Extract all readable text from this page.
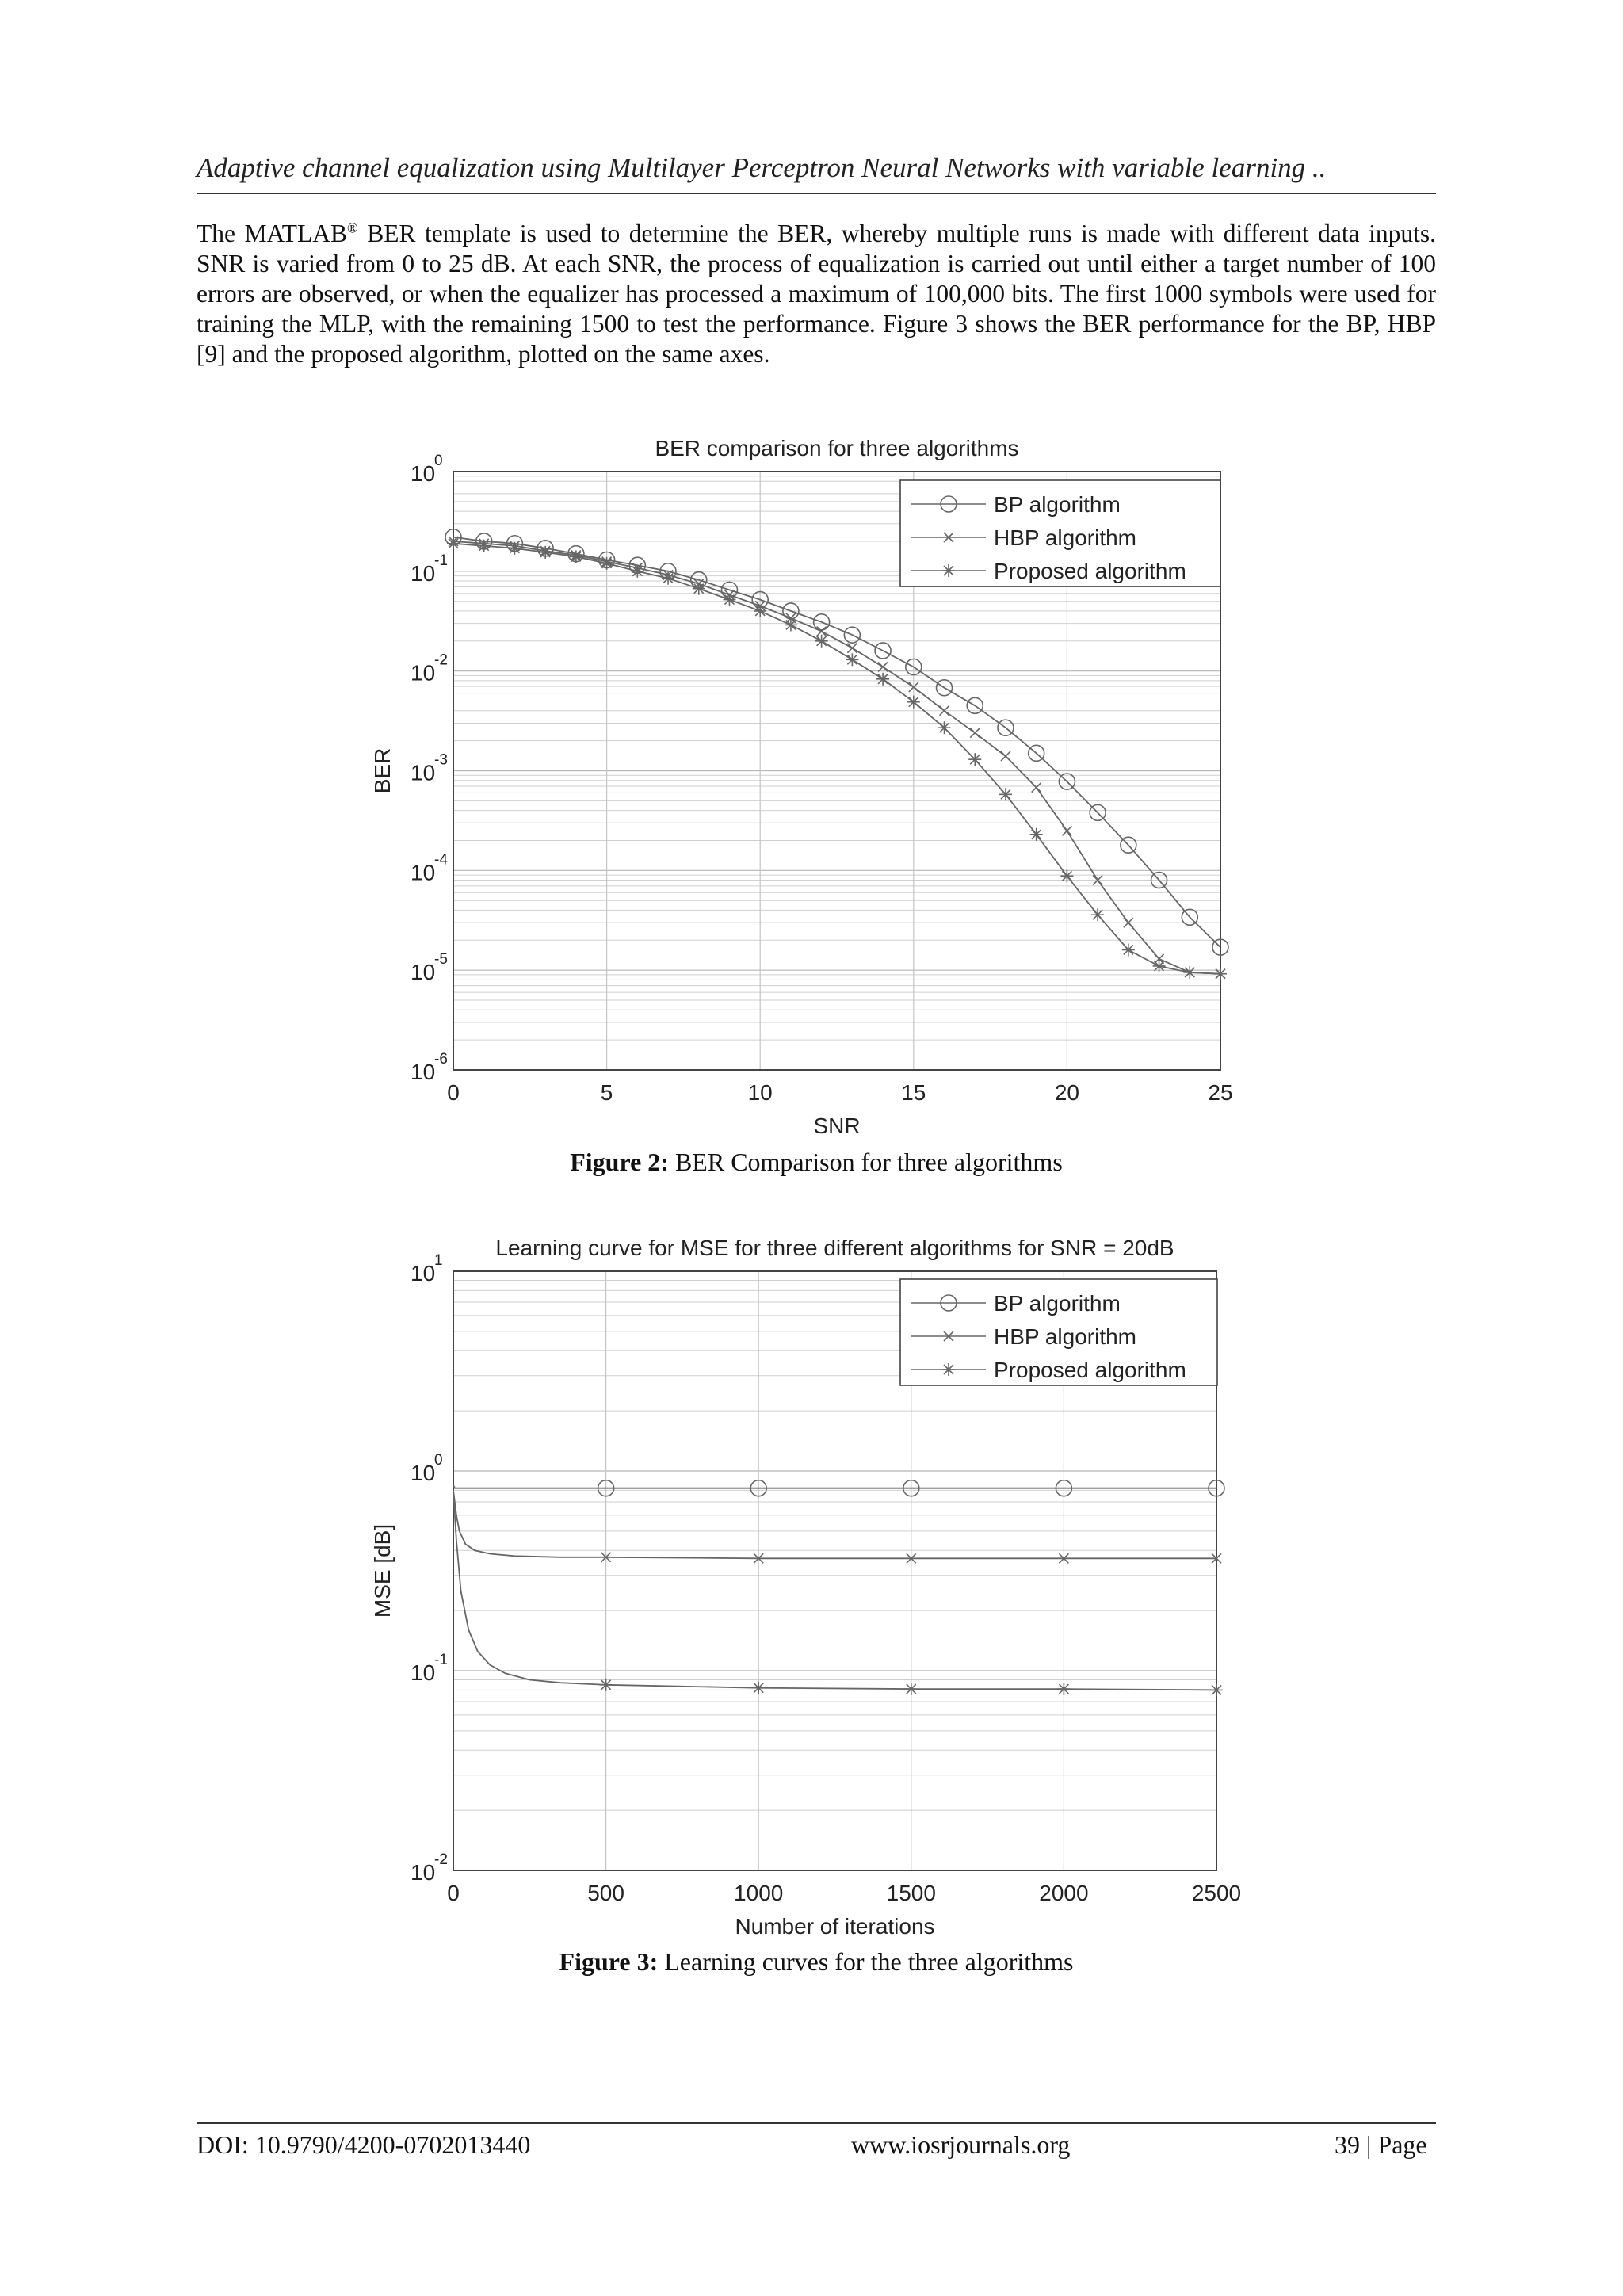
Adaptive channel equalization using Multilayer Perceptron Neural Networks with variable learning ..

The MATLAB® BER template is used to determine the BER, whereby multiple runs is made with different data inputs. SNR is varied from 0 to 25 dB. At each SNR, the process of equalization is carried out until either a target number of 100 errors are observed, or when the equalizer has processed a maximum of 100,000 bits. The first 1000 symbols were used for training the MLP, with the remaining 1500 to test the performance. Figure 3 shows the BER performance for the BP, HBP [9] and the proposed algorithm, plotted on the same axes.

10
0
10
-1
10
-2
10
-3
10
-4
10
-5
10
-6
0	5	10	15	20	25
BER comparison for three algorithms
SNR
BER
BP algorithm
HBP algorithm
Proposed algorithm
Figure 2: BER Comparison for three algorithms
10
1
10
0
10
-1
10
-2
0	500	1000	1500	2000	2500
Learning curve for MSE for three different algorithms for SNR = 20dB
Number of iterations
MSE [dB]
BP algorithm
HBP algorithm
Proposed algorithm
Figure 3: Learning curves for the three algorithms
DOI: 10.9790/4200-0702013440	www.iosrjournals.org	39 | Page
